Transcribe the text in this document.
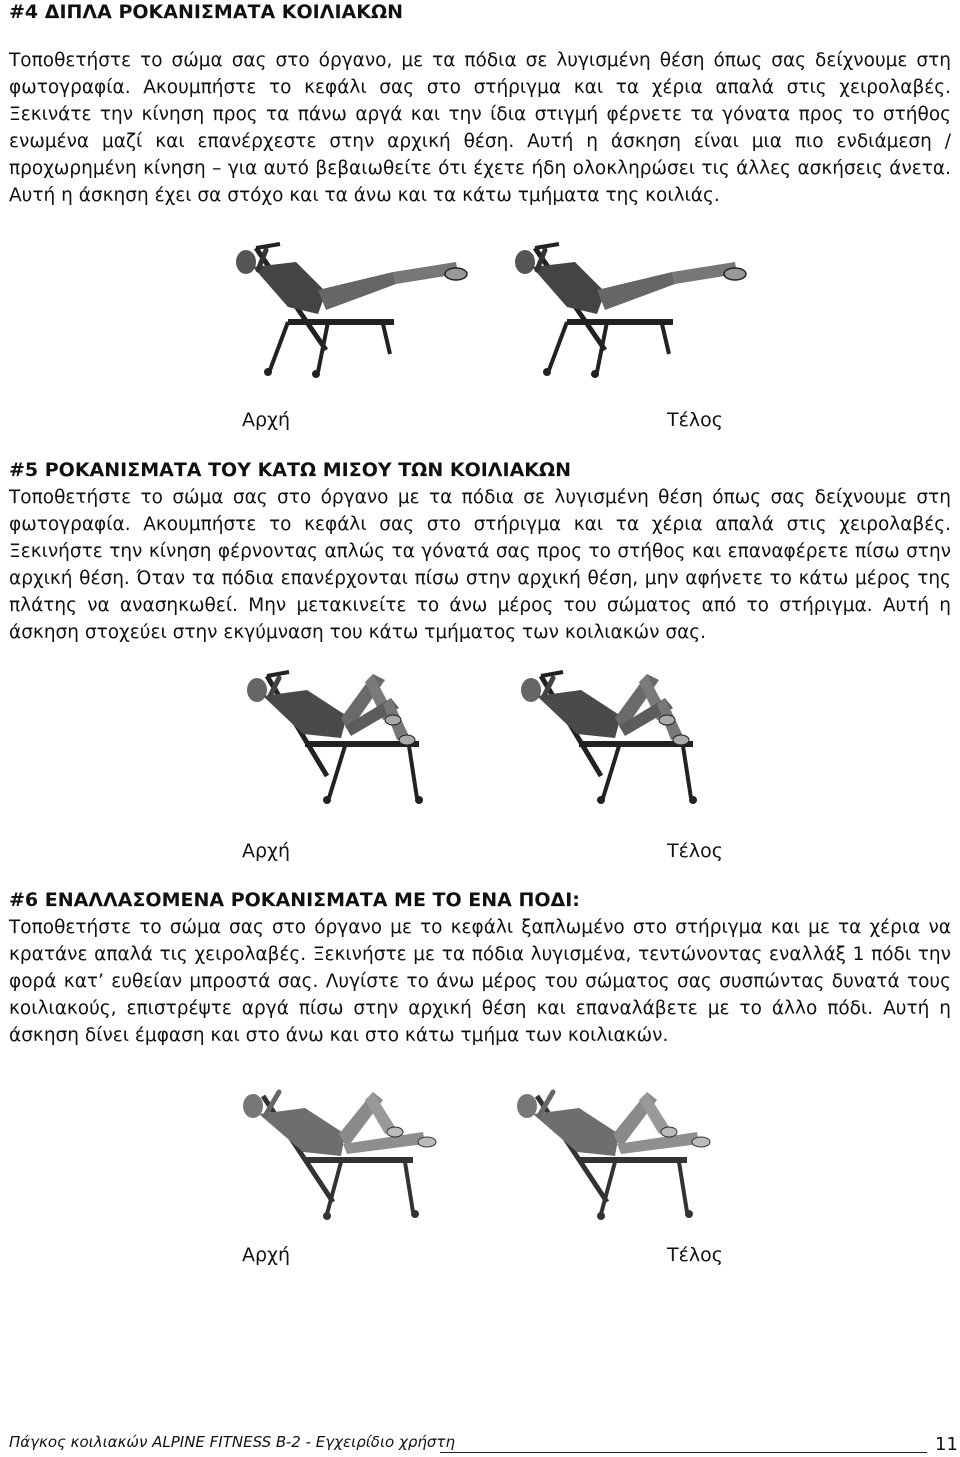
#4 ΔΙΠΛΑ ΡΟΚΑΝΙΣΜΑΤΑ ΚΟΙΛΙΑΚΩΝ

Τοποθετήστε το σώμα σας στο όργανο, με τα πόδια σε λυγισμένη θέση όπως σας δείχνουμε στη φωτογραφία. Ακουμπήστε το κεφάλι σας στο στήριγμα και τα χέρια απαλά στις χειρολαβές. Ξεκινάτε την κίνηση προς τα πάνω αργά και την ίδια στιγμή φέρνετε τα γόνατα προς το στήθος ενωμένα μαζί και επανέρχεστε στην αρχική θέση. Αυτή η άσκηση είναι μια πιο ενδιάμεση / προχωρημένη κίνηση – για αυτό βεβαιωθείτε ότι έχετε ήδη ολοκληρώσει τις άλλες ασκήσεις άνετα. Αυτή η άσκηση έχει σα στόχο και τα άνω και τα κάτω τμήματα της κοιλιάς.

Αρχή	Τέλος
#5 ΡΟΚΑΝΙΣΜΑΤΑ ΤΟΥ ΚΑΤΩ ΜΙΣΟΥ ΤΩΝ ΚΟΙΛΙΑΚΩΝ

Τοποθετήστε το σώμα σας στο όργανο με τα πόδια σε λυγισμένη θέση όπως σας δείχνουμε στη φωτογραφία. Ακουμπήστε το κεφάλι σας στο στήριγμα και τα χέρια απαλά στις χειρολαβές. Ξεκινήστε την κίνηση φέρνοντας απλώς τα γόνατά σας προς το στήθος και επαναφέρετε πίσω στην αρχική θέση. Όταν τα πόδια επανέρχονται πίσω στην αρχική θέση, μην αφήνετε το κάτω μέρος της πλάτης να ανασηκωθεί. Μην μετακινείτε το άνω μέρος του σώματος από το στήριγμα. Αυτή η άσκηση στοχεύει στην εκγύμναση του κάτω τμήματος των κοιλιακών σας.

Αρχή	Τέλος
#6 ΕΝΑΛΛΑΣΟΜΕΝΑ ΡΟΚΑΝΙΣΜΑΤΑ ΜΕ ΤΟ ΕΝΑ ΠΟΔΙ:

Τοποθετήστε το σώμα σας στο όργανο με το κεφάλι ξαπλωμένο στο στήριγμα και με τα χέρια να κρατάνε απαλά τις χειρολαβές. Ξεκινήστε με τα πόδια λυγισμένα, τεντώνοντας εναλλάξ 1 πόδι την φορά κατ’ ευθείαν μπροστά σας. Λυγίστε το άνω μέρος του σώματος σας συσπώντας δυνατά τους κοιλιακούς, επιστρέψτε αργά πίσω στην αρχική θέση και επαναλάβετε με το άλλο πόδι. Αυτή η άσκηση δίνει έμφαση και στο άνω και στο κάτω τμήμα των κοιλιακών.

Αρχή	Τέλος
Πάγκος κοιλιακών ALPINE FITNESS B-2 - Εγχειρίδιο χρήστη	11
